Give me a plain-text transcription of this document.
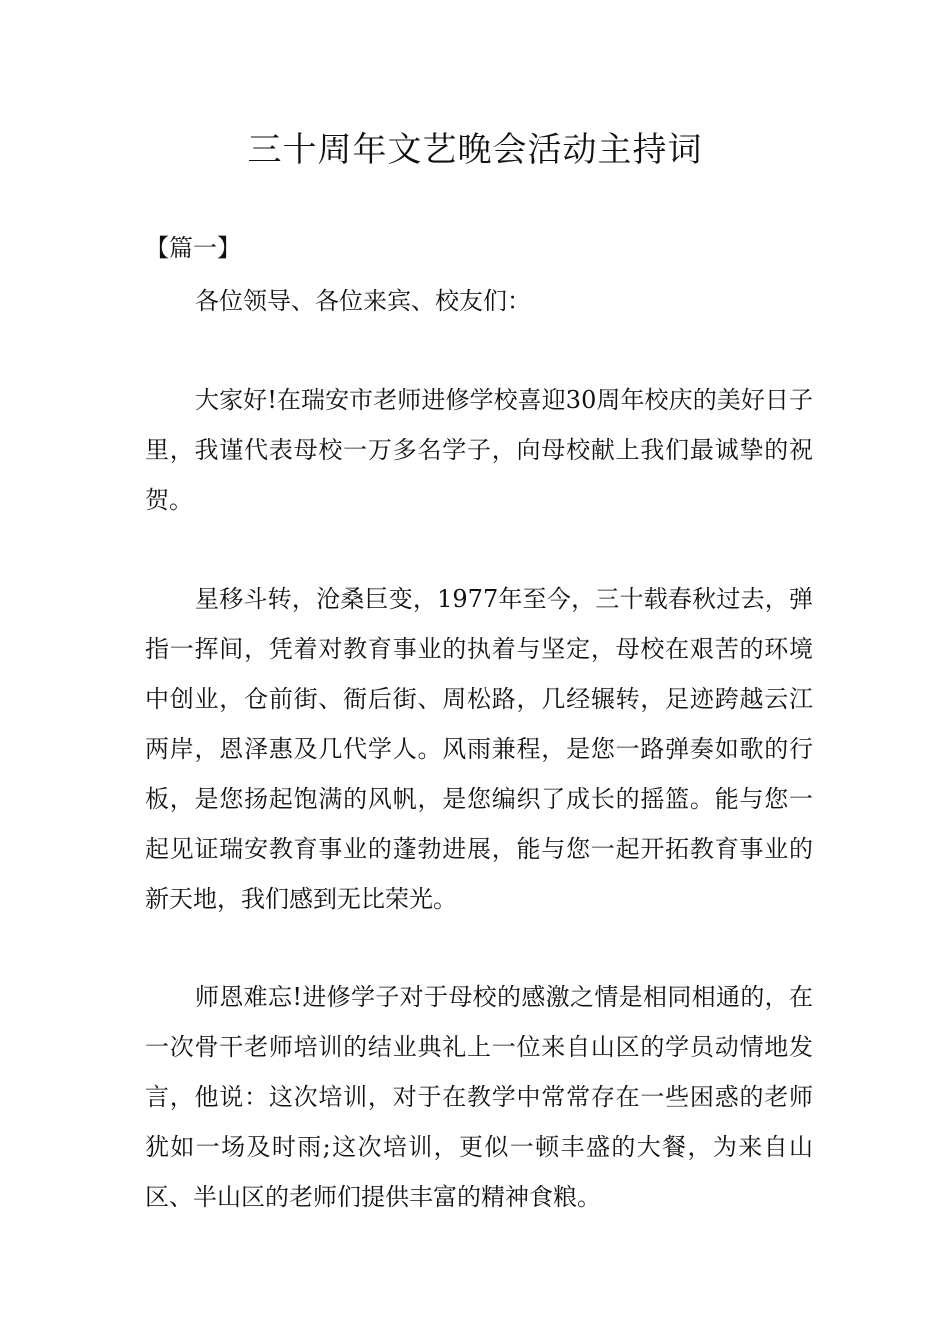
三十周年文艺晚会活动主持词

【篇一】

各位领导、各位来宾、校友们：

大家好!在瑞安市老师进修学校喜迎30周年校庆的美好日子里，我谨代表母校一万多名学子，向母校献上我们最诚挚的祝贺。

星移斗转，沧桑巨变，1977年至今，三十载春秋过去，弹指一挥间，凭着对教育事业的执着与坚定，母校在艰苦的环境中创业，仓前街、衙后街、周松路，几经辗转，足迹跨越云江两岸，恩泽惠及几代学人。风雨兼程，是您一路弹奏如歌的行板，是您扬起饱满的风帆，是您编织了成长的摇篮。能与您一起见证瑞安教育事业的蓬勃进展，能与您一起开拓教育事业的新天地，我们感到无比荣光。

师恩难忘!进修学子对于母校的感激之情是相同相通的，在一次骨干老师培训的结业典礼上一位来自山区的学员动情地发言，他说：这次培训，对于在教学中常常存在一些困惑的老师犹如一场及时雨;这次培训，更似一顿丰盛的大餐，为来自山区、半山区的老师们提供丰富的精神食粮。
